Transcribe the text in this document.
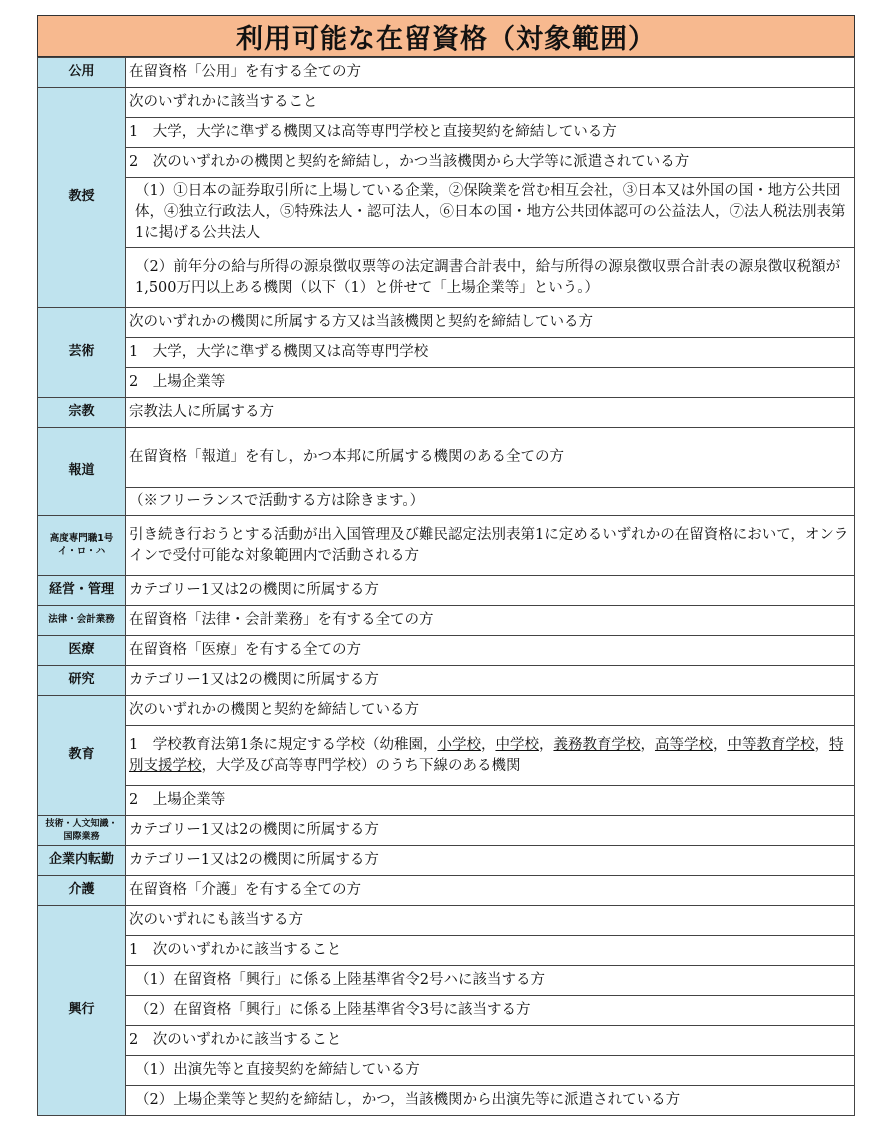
利用可能な在留資格（対象範囲）
公用	在留資格「公用」を有する全ての方
教授	次のいずれかに該当すること
	1　大学，大学に準ずる機関又は高等専門学校と直接契約を締結している方
	2　次のいずれかの機関と契約を締結し，かつ当該機関から大学等に派遣されている方
	（1）①日本の証券取引所に上場している企業，②保険業を営む相互会社，③日本又は外国の国・地方公共団体，④独立行政法人，⑤特殊法人・認可法人，⑥日本の国・地方公共団体認可の公益法人，⑦法人税法別表第1に掲げる公共法人
	（2）前年分の給与所得の源泉徴収票等の法定調書合計表中，給与所得の源泉徴収票合計表の源泉徴収税額が1,500万円以上ある機関（以下（1）と併せて「上場企業等」という。）
芸術	次のいずれかの機関に所属する方又は当該機関と契約を締結している方
	1　大学，大学に準ずる機関又は高等専門学校
	2　上場企業等
宗教	宗教法人に所属する方
報道	在留資格「報道」を有し，かつ本邦に所属する機関のある全ての方
	（※フリーランスで活動する方は除きます。）
高度専門職1号
イ・ロ・ハ	引き続き行おうとする活動が出入国管理及び難民認定法別表第1に定めるいずれかの在留資格において，オンラインで受付可能な対象範囲内で活動される方
経営・管理	カテゴリー1又は2の機関に所属する方
法律・会計業務	在留資格「法律・会計業務」を有する全ての方
医療	在留資格「医療」を有する全ての方
研究	カテゴリー1又は2の機関に所属する方
教育	次のいずれかの機関と契約を締結している方
	1　学校教育法第1条に規定する学校（幼稚園，小学校，中学校，義務教育学校，高等学校，中等教育学校，特別支援学校，大学及び高等専門学校）のうち下線のある機関
	2　上場企業等
技術・人文知識・
国際業務	カテゴリー1又は2の機関に所属する方
企業内転勤	カテゴリー1又は2の機関に所属する方
介護	在留資格「介護」を有する全ての方
興行	次のいずれにも該当する方
	1　次のいずれかに該当すること
	（1）在留資格「興行」に係る上陸基準省令2号ハに該当する方
	（2）在留資格「興行」に係る上陸基準省令3号に該当する方
	2　次のいずれかに該当すること
	（1）出演先等と直接契約を締結している方
	（2）上場企業等と契約を締結し，かつ，当該機関から出演先等に派遣されている方
